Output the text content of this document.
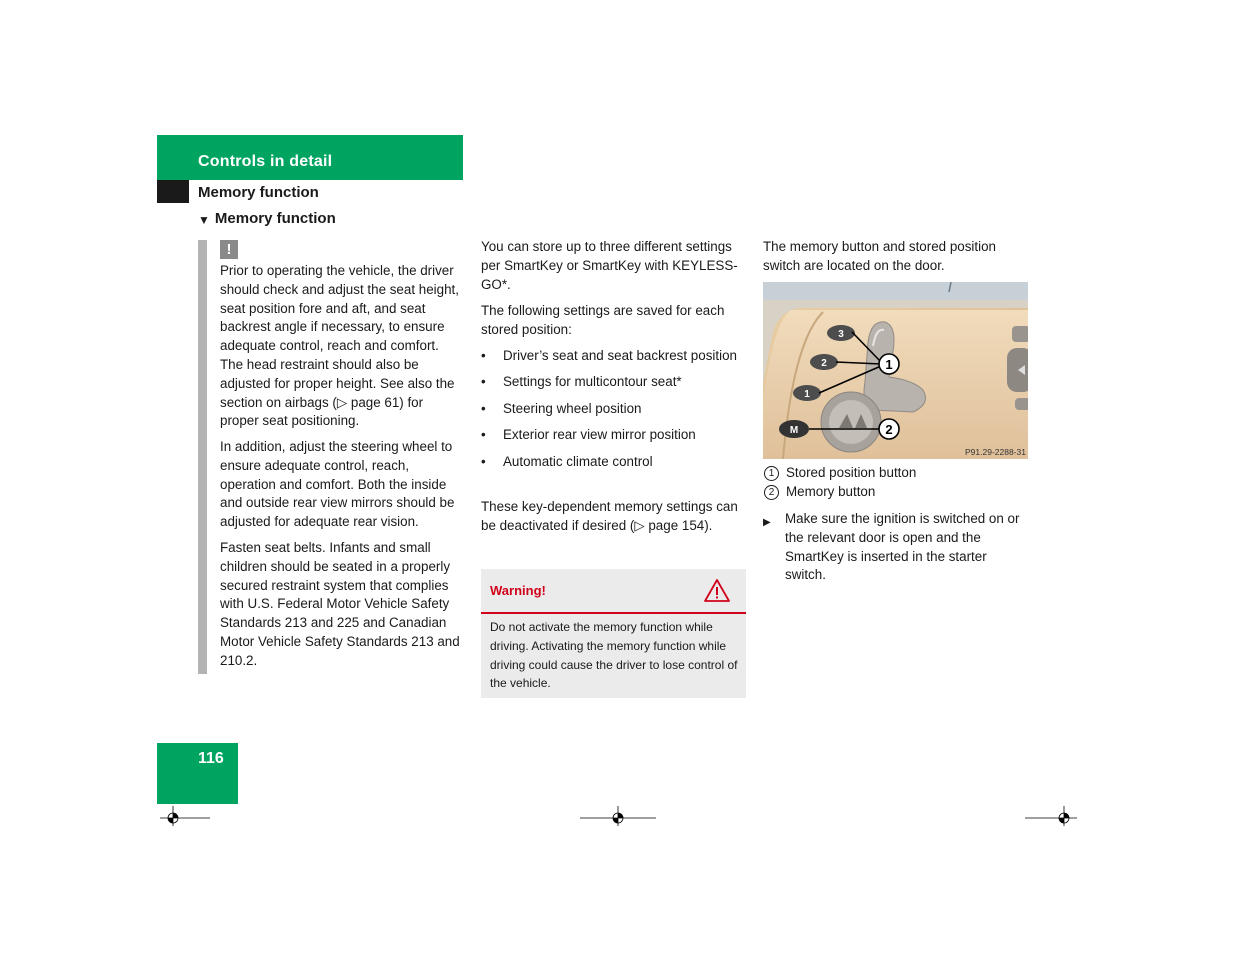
Controls in detail
Memory function
▼ Memory function
!

Prior to operating the vehicle, the driver should check and adjust the seat height, seat position fore and aft, and seat backrest angle if necessary, to ensure adequate control, reach and comfort. The head restraint should also be adjusted for proper height. See also the section on airbags (▷ page 61) for proper seat positioning.

In addition, adjust the steering wheel to ensure adequate control, reach, operation and comfort. Both the inside and outside rear view mirrors should be adjusted for adequate rear vision.

Fasten seat belts. Infants and small children should be seated in a properly secured restraint system that complies with U.S. Federal Motor Vehicle Safety Standards 213 and 225 and Canadian Motor Vehicle Safety Standards 213 and 210.2.

You can store up to three different settings per SmartKey or SmartKey with KEYLESS-GO*.

The following settings are saved for each stored position:

• Driver’s seat and seat backrest position
• Settings for multicontour seat*
• Steering wheel position
• Exterior rear view mirror position
• Automatic climate control

These key-dependent memory settings can be deactivated if desired (▷ page 154).

Warning!
Do not activate the memory function while driving. Activating the memory function while driving could cause the driver to lose control of the vehicle.

The memory button and stored position switch are located on the door.

3
2
1
M
1
2
P91.29-2288-31
1 Stored position button
2 Memory button
▶ Make sure the ignition is switched on or the relevant door is open and the SmartKey is inserted in the starter switch.
116
